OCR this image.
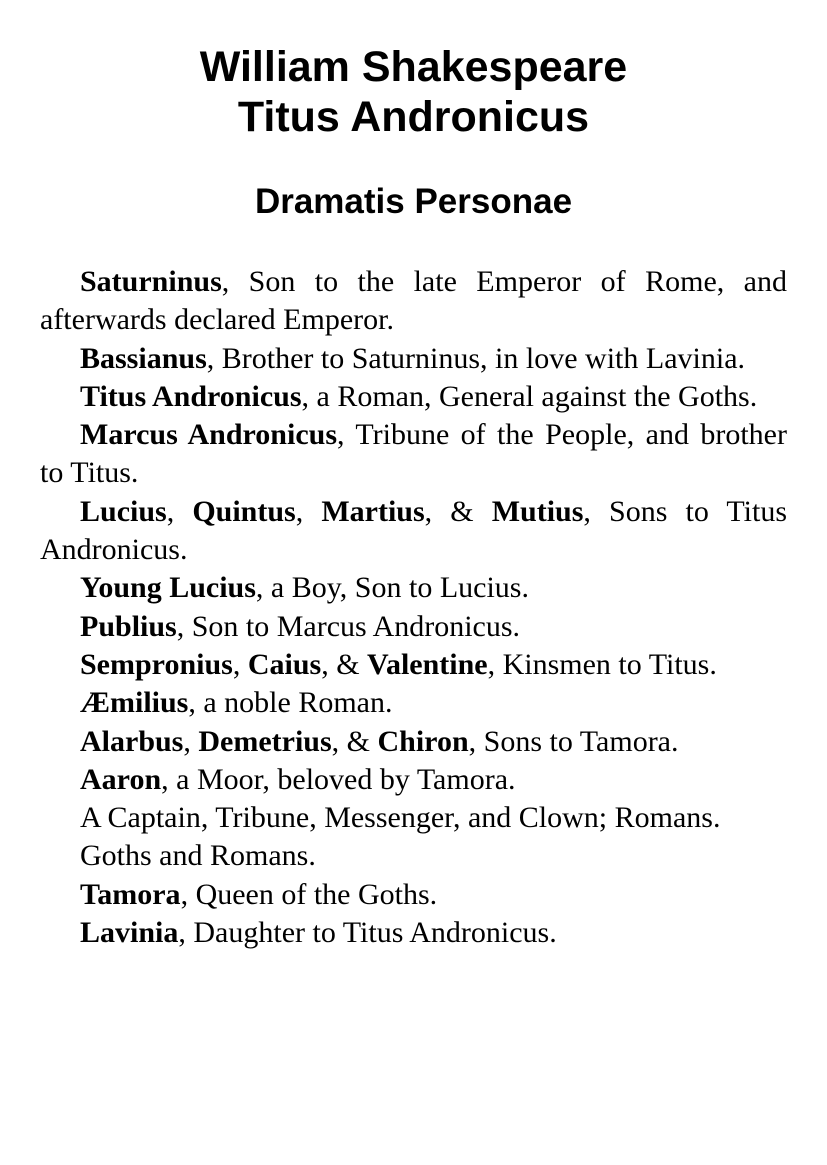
William Shakespeare
Titus Andronicus
Dramatis Personae

Saturninus, Son to the late Emperor of Rome, and afterwards declared Emperor.

Bassianus, Brother to Saturninus, in love with Lavinia.

Titus Andronicus, a Roman, General against the Goths.

Marcus Andronicus, Tribune of the People, and brother to Titus.

Lucius, Quintus, Martius, & Mutius, Sons to Titus Andronicus.

Young Lucius, a Boy, Son to Lucius.

Publius, Son to Marcus Andronicus.

Sempronius, Caius, & Valentine, Kinsmen to Titus.

Æmilius, a noble Roman.

Alarbus, Demetrius, & Chiron, Sons to Tamora.

Aaron, a Moor, beloved by Tamora.

A Captain, Tribune, Messenger, and Clown; Romans.

Goths and Romans.

Tamora, Queen of the Goths.

Lavinia, Daughter to Titus Andronicus.
